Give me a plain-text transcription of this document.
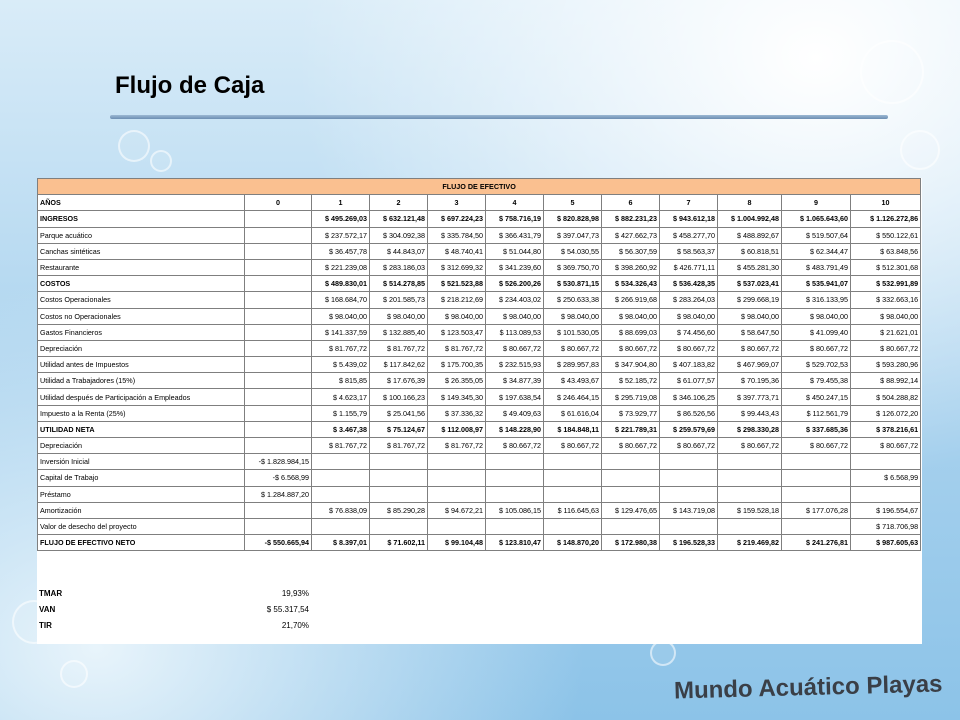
Flujo de Caja
FLUJO DE EFECTIVO											
AÑOS	0	1	2	3	4	5	6	7	8	9	10
INGRESOS		$ 495.269,03	$ 632.121,48	$ 697.224,23	$ 758.716,19	$ 820.828,98	$ 882.231,23	$ 943.612,18	$ 1.004.992,48	$ 1.065.643,60	$ 1.126.272,86
Parque acuático		$ 237.572,17	$ 304.092,38	$ 335.784,50	$ 366.431,79	$ 397.047,73	$ 427.662,73	$ 458.277,70	$ 488.892,67	$ 519.507,64	$ 550.122,61
Canchas sintéticas		$ 36.457,78	$ 44.843,07	$ 48.740,41	$ 51.044,80	$ 54.030,55	$ 56.307,59	$ 58.563,37	$ 60.818,51	$ 62.344,47	$ 63.848,56
Restaurante		$ 221.239,08	$ 283.186,03	$ 312.699,32	$ 341.239,60	$ 369.750,70	$ 398.260,92	$ 426.771,11	$ 455.281,30	$ 483.791,49	$ 512.301,68
COSTOS		$ 489.830,01	$ 514.278,85	$ 521.523,88	$ 526.200,26	$ 530.871,15	$ 534.326,43	$ 536.428,35	$ 537.023,41	$ 535.941,07	$ 532.991,89
Costos Operacionales		$ 168.684,70	$ 201.585,73	$ 218.212,69	$ 234.403,02	$ 250.633,38	$ 266.919,68	$ 283.264,03	$ 299.668,19	$ 316.133,95	$ 332.663,16
Costos no Operacionales		$ 98.040,00	$ 98.040,00	$ 98.040,00	$ 98.040,00	$ 98.040,00	$ 98.040,00	$ 98.040,00	$ 98.040,00	$ 98.040,00	$ 98.040,00
Gastos Financieros		$ 141.337,59	$ 132.885,40	$ 123.503,47	$ 113.089,53	$ 101.530,05	$ 88.699,03	$ 74.456,60	$ 58.647,50	$ 41.099,40	$ 21.621,01
Depreciación		$ 81.767,72	$ 81.767,72	$ 81.767,72	$ 80.667,72	$ 80.667,72	$ 80.667,72	$ 80.667,72	$ 80.667,72	$ 80.667,72	$ 80.667,72
Utilidad antes de Impuestos		$ 5.439,02	$ 117.842,62	$ 175.700,35	$ 232.515,93	$ 289.957,83	$ 347.904,80	$ 407.183,82	$ 467.969,07	$ 529.702,53	$ 593.280,96
Utilidad a Trabajadores (15%)		$ 815,85	$ 17.676,39	$ 26.355,05	$ 34.877,39	$ 43.493,67	$ 52.185,72	$ 61.077,57	$ 70.195,36	$ 79.455,38	$ 88.992,14
Utilidad después de Participación a Empleados		$ 4.623,17	$ 100.166,23	$ 149.345,30	$ 197.638,54	$ 246.464,15	$ 295.719,08	$ 346.106,25	$ 397.773,71	$ 450.247,15	$ 504.288,82
Impuesto a la Renta (25%)		$ 1.155,79	$ 25.041,56	$ 37.336,32	$ 49.409,63	$ 61.616,04	$ 73.929,77	$ 86.526,56	$ 99.443,43	$ 112.561,79	$ 126.072,20
UTILIDAD NETA		$ 3.467,38	$ 75.124,67	$ 112.008,97	$ 148.228,90	$ 184.848,11	$ 221.789,31	$ 259.579,69	$ 298.330,28	$ 337.685,36	$ 378.216,61
Depreciación		$ 81.767,72	$ 81.767,72	$ 81.767,72	$ 80.667,72	$ 80.667,72	$ 80.667,72	$ 80.667,72	$ 80.667,72	$ 80.667,72	$ 80.667,72
Inversión Inicial	-$ 1.828.984,15										
Capital de Trabajo	-$ 6.568,99										$ 6.568,99
Préstamo	$ 1.284.887,20										
Amortización		$ 76.838,09	$ 85.290,28	$ 94.672,21	$ 105.086,15	$ 116.645,63	$ 129.476,65	$ 143.719,08	$ 159.528,18	$ 177.076,28	$ 196.554,67
Valor de desecho del proyecto											$ 718.706,98
FLUJO DE EFECTIVO NETO	-$ 550.665,94	$ 8.397,01	$ 71.602,11	$ 99.104,48	$ 123.810,47	$ 148.870,20	$ 172.980,38	$ 196.528,33	$ 219.469,82	$ 241.276,81	$ 987.605,63
TMAR	19,93%
VAN	$ 55.317,54
TIR	21,70%
Mundo Acuático Playas
